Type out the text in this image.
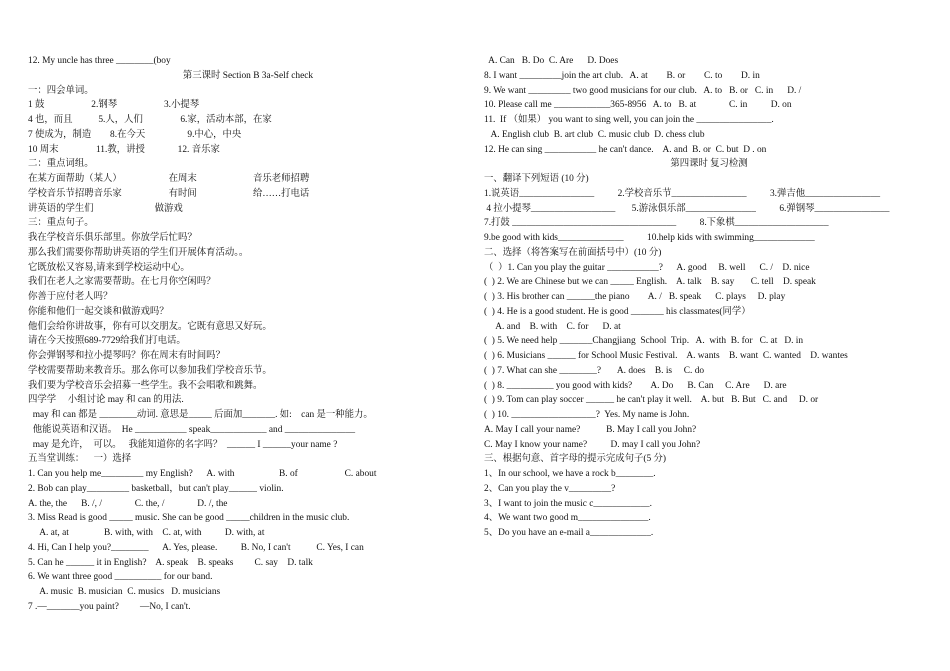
12. My uncle has three ________(boy
第三课时 Section B 3a-Self check
一：四会单词。
1 鼓                    2.钢琴                    3.小提琴
4 也，而且           5.人，人们                6.家，活动本部，在家
7 使成为，制造        8.在今天                  9.中心，中央
10 周末                11.教，讲授              12. 音乐家
二：重点词组。
在某方面帮助（某人）                    在周末                        音乐老师招聘
学校音乐节招聘音乐家                    有时间                        给……打电话
讲英语的学生们                          做游戏
三：重点句子。
我在学校音乐俱乐部里。你放学后忙吗？
那么我们需要你帮助讲英语的学生们开展体育活动。。
它既放松又容易,请来到学校运动中心。
我们在老人之家需要帮助。在七月你空闲吗？
你善于应付老人吗？
你能和他们一起交谈和做游戏吗？
他们会给你讲故事，你有可以交朋友。它既有意思又好玩。
请在今天按照689-7729给我们打电话。
你会弹钢琴和拉小提琴吗？你在周末有时间吗？
学校需要帮助来教音乐。那么你可以参加我们学校音乐节。
我们要为学校音乐会招募一些学生。我不会唱歌和跳舞。
四学学     小组讨论 may 和 can 的用法.
may 和 can 都是 ________动词. 意思是_____ 后面加_______. 如:    can 是一种能力。
他能说英语和汉语。  He ___________ speak____________ and _______________
may 是允许，  可以。   我能知道你的名字吗？  ______ I ______your name ?
五当堂训练：    一）选择
1. Can you help me_________ my English?      A. with                   B. of                    C. about
2. Bob can play_________ basketball，but can't play______ violin.
A. the, the      B. /, /              C. the, /              D. /, the
3. Miss Read is good _____ music. She can be good _____children in the music club.
A. at, at               B. with, with    C. at, with          D. with, at
4. Hi, Can I help you?________      A. Yes, please.          B. No, I can't           C. Yes, I can
5. Can he ______ it in English?    A. speak    B. speaks         C. say    D. talk
6. We want three good __________ for our band.
A. music  B. musician  C. musics   D. musicians
7 .—_______you paint?         —No, I can't.
A. Can   B. Do  C. Are      D. Does
8. I want _________join the art club.   A. at        B. or        C. to        D. in
9. We want _________ two good musicians for our club.   A. to   B. or   C. in      D. /
10. Please call me ____________365-8956   A. to   B. at              C. in          D. on
11.  If （如果） you want to sing well, you can join the ________________.
A. English club  B. art club  C. music club  D. chess club
12. He can sing ___________ he can't dance.    A. and  B. or  C. but  D . on
第四课时 复习检测
一、翻译下列短语 (10 分)
1.说英语________________          2.学校音乐节________________          3.弹吉他________________
4 拉小提琴__________________       5.游泳俱乐部_______________          6.弹钢琴________________
7.打鼓 ___________________________________          8.下象棋____________________
9.be good with kids______________          10.help kids with swimming_____________
二、选择（将答案写在前面括号中）(10 分)
（  ）1. Can you play the guitar ___________?      A. good     B. well      C. /    D. nice
(  ) 2. We are Chinese but we can _____ English.    A. talk    B. say       C. tell    D. speak
(  ) 3. His brother can ______the piano        A. /   B. speak      C. plays     D. play
(  ) 4. He is a good student. He is good _______ his classmates(同学）
A. and    B. with    C. for      D. at
(  ) 5. We need help _______Changjiang  School  Trip.   A.  with  B. for   C. at   D. in
(  ) 6. Musicians ______ for School Music Festival.    A. wants    B. want  C. wanted    D. wantes
(  ) 7. What can she ________?       A. does    B. is     C. do
(  ) 8. __________ you good with kids?        A. Do      B. Can     C. Are      D. are
(  ) 9. Tom can play soccer ______ he can't play it well.    A. but   B. But   C. and     D. or
(  ) 10. __________________?  Yes. My name is John.
A. May I call your name?           B. May I call you John?
C. May I know your name?          D. may I call you John?
三、根据句意、首字母的提示完成句子(5 分)
1、In our school, we have a rock b________.
2、Can you play the v_________?
3、I want to join the music c____________.
4、We want two good m_______________.
5、Do you have an e-mail a_____________.
